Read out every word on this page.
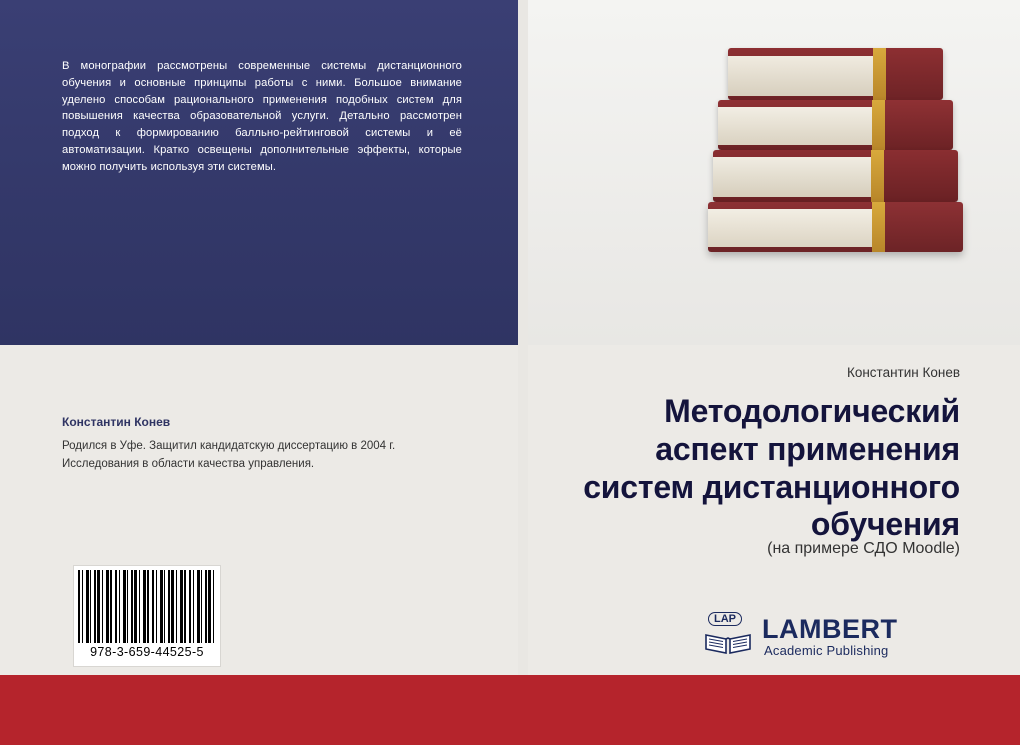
В монографии рассмотрены современные системы дистанционного обучения и основные принципы работы с ними. Большое внимание уделено способам рационального применения подобных систем для повышения качества образовательной услуги. Детально рассмотрен подход к формированию балльно-рейтинговой системы и её автоматизации. Кратко освещены дополнительные эффекты, которые можно получить используя эти системы.
Константин Конев
Родился в Уфе. Защитил кандидатскую диссертацию в 2004 г. Исследования в области качества управления.
978-3-659-44525-5
Константин Конев
Методологический аспект применения систем дистанционного обучения
(на примере СДО Moodle)
LAP LAMBERT
Academic Publishing
